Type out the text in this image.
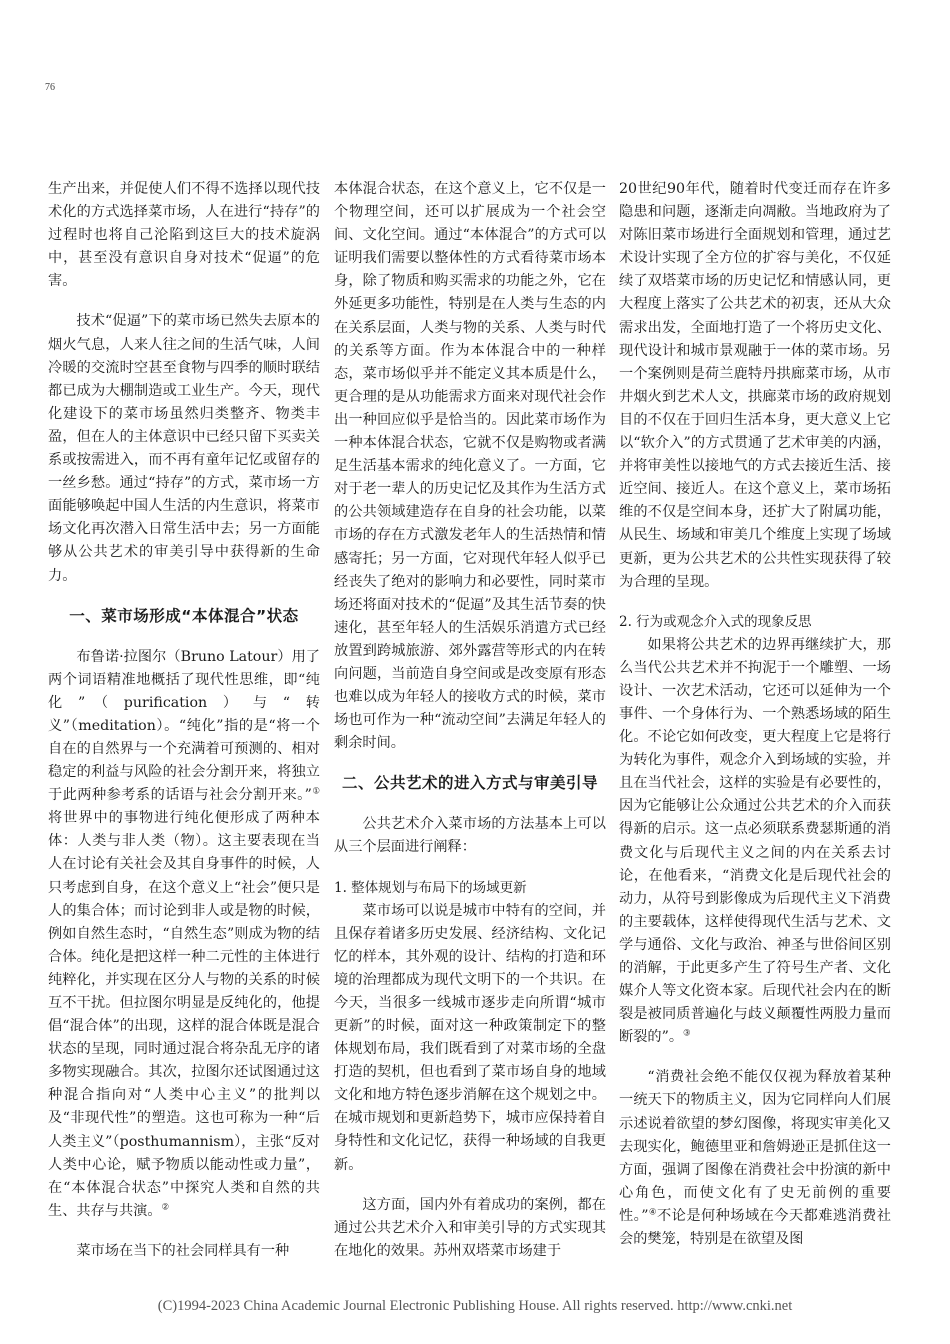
76

生产出来，并促使人们不得不选择以现代技术化的方式选择菜市场，人在进行“持存”的过程时也将自己沦陷到这巨大的技术旋涡中，甚至没有意识自身对技术“促逼”的危害。

技术“促逼”下的菜市场已然失去原本的烟火气息，人来人往之间的生活气味，人间冷暖的交流时空甚至食物与四季的顺时联结都已成为大棚制造或工业生产。今天，现代化建设下的菜市场虽然归类整齐、物类丰盈，但在人的主体意识中已经只留下买卖关系或按需进入，而不再有童年记忆或留存的一丝乡愁。通过“持存”的方式，菜市场一方面能够唤起中国人生活的内生意识，将菜市场文化再次潜入日常生活中去；另一方面能够从公共艺术的审美引导中获得新的生命力。

一、菜市场形成“本体混合”状态

布鲁诺·拉图尔（Bruno Latour）用了两个词语精准地概括了现代性思维，即“纯化”（purification）与“转义”（meditation）。“纯化”指的是“将一个自在的自然界与一个充满着可预测的、相对稳定的利益与风险的社会分割开来，将独立于此两种参考系的话语与社会分割开来。”①将世界中的事物进行纯化便形成了两种本体：人类与非人类（物）。这主要表现在当人在讨论有关社会及其自身事件的时候，人只考虑到自身，在这个意义上“社会”便只是人的集合体；而讨论到非人或是物的时候，例如自然生态时，“自然生态”则成为物的结合体。纯化是把这样一种二元性的主体进行纯粹化，并实现在区分人与物的关系的时候互不干扰。但拉图尔明显是反纯化的，他提倡“混合体”的出现，这样的混合体既是混合状态的呈现，同时通过混合将杂乱无序的诸多物实现融合。其次，拉图尔还试图通过这种混合指向对“人类中心主义”的批判以及“非现代性”的塑造。这也可称为一种“后人类主义”（posthumannism），主张“反对人类中心论，赋予物质以能动性或力量”，在“本体混合状态”中探究人类和自然的共生、共存与共演。②

菜市场在当下的社会同样具有一种

本体混合状态，在这个意义上，它不仅是一个物理空间，还可以扩展成为一个社会空间、文化空间。通过“本体混合”的方式可以证明我们需要以整体性的方式看待菜市场本身，除了物质和购买需求的功能之外，它在外延更多功能性，特别是在人类与生态的内在关系层面，人类与物的关系、人类与时代的关系等方面。作为本体混合中的一种样态，菜市场似乎并不能定义其本质是什么，更合理的是从功能需求方面来对现代社会作出一种回应似乎是恰当的。因此菜市场作为一种本体混合状态，它就不仅是购物或者满足生活基本需求的纯化意义了。一方面，它对于老一辈人的历史记忆及其作为生活方式的公共领域建造存在自身的社会功能，以菜市场的存在方式激发老年人的生活热情和情感寄托；另一方面，它对现代年轻人似乎已经丧失了绝对的影响力和必要性，同时菜市场还将面对技术的“促逼”及其生活节奏的快速化，甚至年轻人的生活娱乐消遣方式已经放置到跨城旅游、郊外露营等形式的内在转向问题，当前造自身空间或是改变原有形态也难以成为年轻人的接收方式的时候，菜市场也可作为一种“流动空间”去满足年轻人的剩余时间。

二、公共艺术的进入方式与审美引导

公共艺术介入菜市场的方法基本上可以从三个层面进行阐释：

1. 整体规划与布局下的场域更新

菜市场可以说是城市中特有的空间，并且保存着诸多历史发展、经济结构、文化记忆的样本，其外观的设计、结构的打造和环境的治理都成为现代文明下的一个共识。在今天，当很多一线城市逐步走向所谓“城市更新”的时候，面对这一种政策制定下的整体规划布局，我们既看到了对菜市场的全盘打造的契机，但也看到了菜市场自身的地域文化和地方特色逐步消解在这个规划之中。在城市规划和更新趋势下，城市应保持着自身特性和文化记忆，获得一种场域的自我更新。

这方面，国内外有着成功的案例，都在通过公共艺术介入和审美引导的方式实现其在地化的效果。苏州双塔菜市场建于

20世纪90年代，随着时代变迁而存在许多隐患和问题，逐渐走向凋敝。当地政府为了对陈旧菜市场进行全面规划和管理，通过艺术设计实现了全方位的扩容与美化，不仅延续了双塔菜市场的历史记忆和情感认同，更大程度上落实了公共艺术的初衷，还从大众需求出发，全面地打造了一个将历史文化、现代设计和城市景观融于一体的菜市场。另一个案例则是荷兰鹿特丹拱廊菜市场，从市井烟火到艺术人文，拱廊菜市场的政府规划目的不仅在于回归生活本身，更大意义上它以“软介入”的方式贯通了艺术审美的内涵，并将审美性以接地气的方式去接近生活、接近空间、接近人。在这个意义上，菜市场拓维的不仅是空间本身，还扩大了附属功能，从民生、场域和审美几个维度上实现了场域更新，更为公共艺术的公共性实现获得了较为合理的呈现。

2. 行为或观念介入式的现象反思

如果将公共艺术的边界再继续扩大，那么当代公共艺术并不拘泥于一个雕塑、一场设计、一次艺术活动，它还可以延伸为一个事件、一个身体行为、一个熟悉场域的陌生化。不论它如何改变，更大程度上它是将行为转化为事件，观念介入到场域的实验，并且在当代社会，这样的实验是有必要性的，因为它能够让公众通过公共艺术的介入而获得新的启示。这一点必须联系费瑟斯通的消费文化与后现代主义之间的内在关系去讨论，在他看来，“消费文化是后现代社会的动力，从符号到影像成为后现代主义下消费的主要载体，这样使得现代生活与艺术、文学与通俗、文化与政治、神圣与世俗间区别的消解，于此更多产生了符号生产者、文化媒介人等文化资本家。后现代社会内在的断裂是被同质普遍化与歧义颠覆性两股力量而断裂的”。③

“消费社会绝不能仅仅视为释放着某种一统天下的物质主义，因为它同样向人们展示述说着欲望的梦幻图像，将现实审美化又去现实化，鲍德里亚和詹姆逊正是抓住这一方面，强调了图像在消费社会中扮演的新中心角色，而使文化有了史无前例的重要性。”④不论是何种场域在今天都难逃消费社会的樊笼，特别是在欲望及图

(C)1994-2023 China Academic Journal Electronic Publishing House. All rights reserved. http://www.cnki.net
